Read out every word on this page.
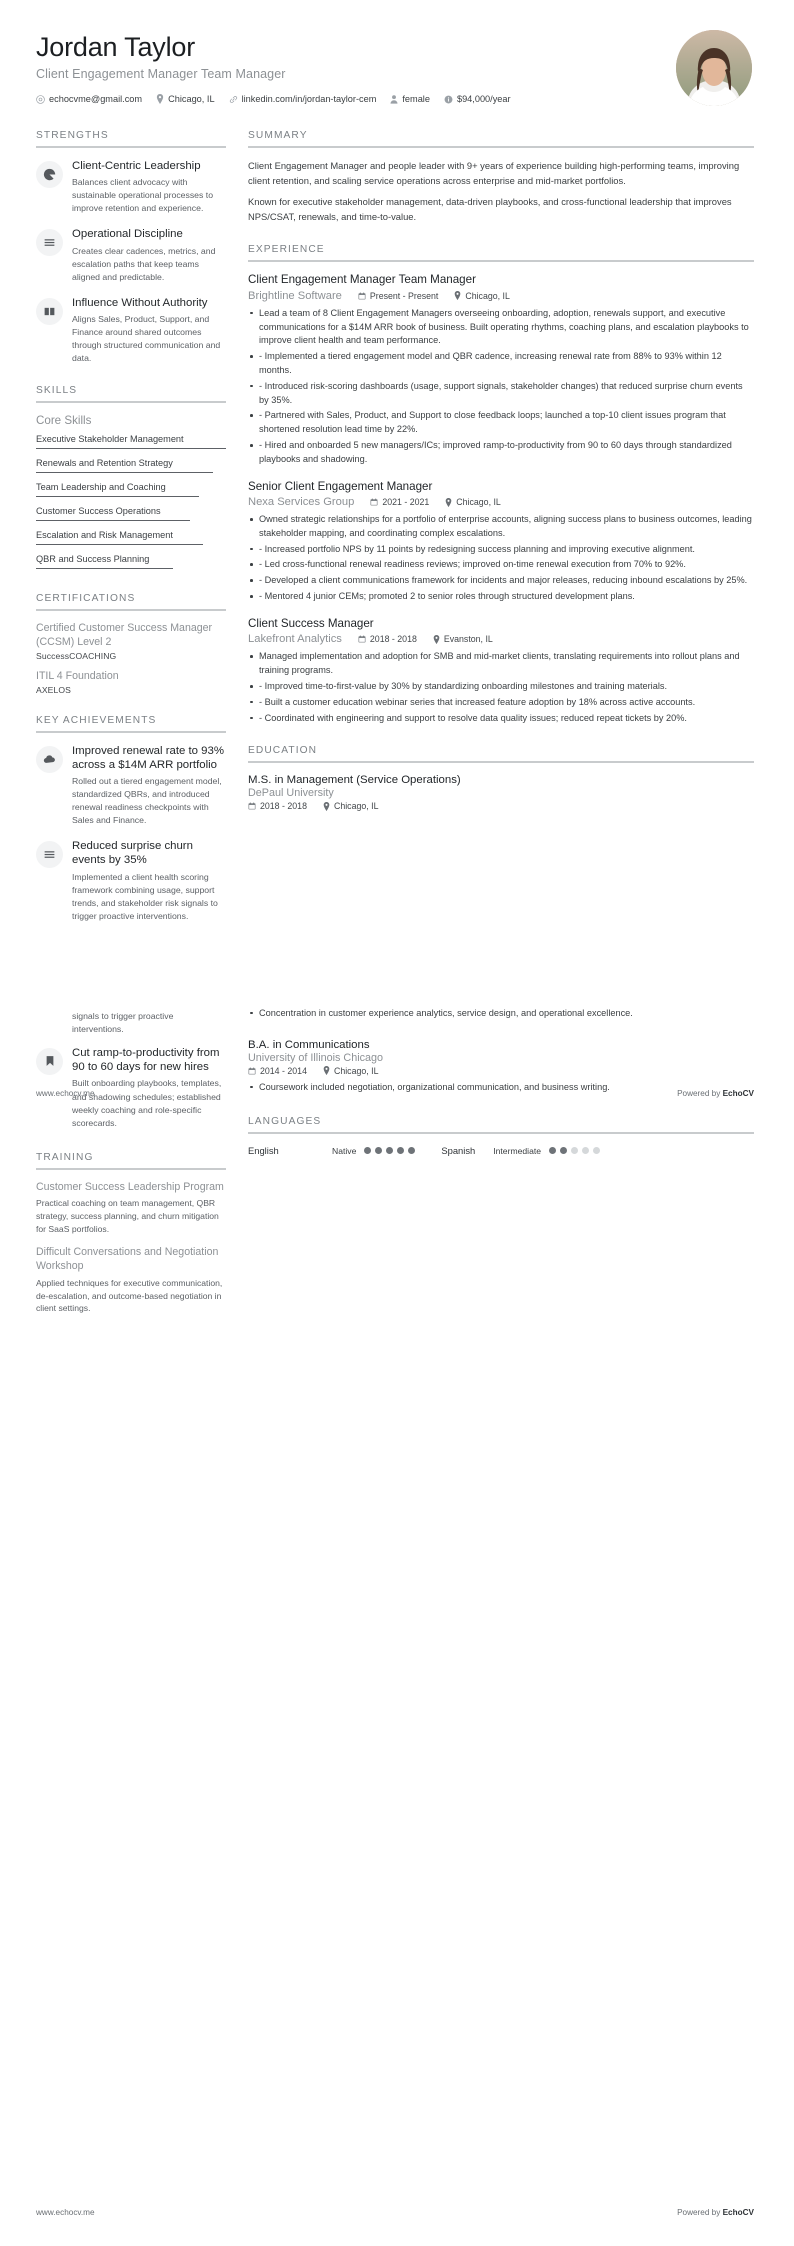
Jordan Taylor
Client Engagement Manager Team Manager
echocvme@gmail.com	Chicago, IL	linkedin.com/in/jordan-taylor-cem	female	$94,000/year
STRENGTHS
Client-Centric Leadership
Balances client advocacy with sustainable operational processes to improve retention and experience.
Operational Discipline
Creates clear cadences, metrics, and escalation paths that keep teams aligned and predictable.
Influence Without Authority
Aligns Sales, Product, Support, and Finance around shared outcomes through structured communication and data.
SKILLS
Core Skills
Executive Stakeholder Management
Renewals and Retention Strategy
Team Leadership and Coaching
Customer Success Operations
Escalation and Risk Management
QBR and Success Planning
CERTIFICATIONS
Certified Customer Success Manager (CCSM) Level 2
SuccessCOACHING
ITIL 4 Foundation
AXELOS
KEY ACHIEVEMENTS
Improved renewal rate to 93% across a $14M ARR portfolio
Rolled out a tiered engagement model, standardized QBRs, and introduced renewal readiness checkpoints with Sales and Finance.
Reduced surprise churn events by 35%
Implemented a client health scoring framework combining usage, support trends, and stakeholder risk signals to trigger proactive interventions.
SUMMARY

Client Engagement Manager and people leader with 9+ years of experience building high-performing teams, improving client retention, and scaling service operations across enterprise and mid-market portfolios.

Known for executive stakeholder management, data-driven playbooks, and cross-functional leadership that improves NPS/CSAT, renewals, and time-to-value.

EXPERIENCE
Client Engagement Manager Team Manager
Brightline Software	Present - Present	Chicago, IL
Lead a team of 8 Client Engagement Managers overseeing onboarding, adoption, renewals support, and executive communications for a $14M ARR book of business. Built operating rhythms, coaching plans, and escalation playbooks to improve client health and team performance.
- Implemented a tiered engagement model and QBR cadence, increasing renewal rate from 88% to 93% within 12 months.
- Introduced risk-scoring dashboards (usage, support signals, stakeholder changes) that reduced surprise churn events by 35%.
- Partnered with Sales, Product, and Support to close feedback loops; launched a top-10 client issues program that shortened resolution lead time by 22%.
- Hired and onboarded 5 new managers/ICs; improved ramp-to-productivity from 90 to 60 days through standardized playbooks and shadowing.
Senior Client Engagement Manager
Nexa Services Group	2021 - 2021	Chicago, IL
Owned strategic relationships for a portfolio of enterprise accounts, aligning success plans to business outcomes, leading stakeholder mapping, and coordinating complex escalations.
- Increased portfolio NPS by 11 points by redesigning success planning and improving executive alignment.
- Led cross-functional renewal readiness reviews; improved on-time renewal execution from 70% to 92%.
- Developed a client communications framework for incidents and major releases, reducing inbound escalations by 25%.
- Mentored 4 junior CEMs; promoted 2 to senior roles through structured development plans.
Client Success Manager
Lakefront Analytics	2018 - 2018	Evanston, IL
Managed implementation and adoption for SMB and mid-market clients, translating requirements into rollout plans and training programs.
- Improved time-to-first-value by 30% by standardizing onboarding milestones and training materials.
- Built a customer education webinar series that increased feature adoption by 18% across active accounts.
- Coordinated with engineering and support to resolve data quality issues; reduced repeat tickets by 20%.
EDUCATION
M.S. in Management (Service Operations)
DePaul University
2018 - 2018	Chicago, IL
www.echocv.me	Powered by EchoCV
signals to trigger proactive interventions.
Cut ramp-to-productivity from 90 to 60 days for new hires
Built onboarding playbooks, templates, and shadowing schedules; established weekly coaching and role-specific scorecards.
TRAINING
Customer Success Leadership Program
Practical coaching on team management, QBR strategy, success planning, and churn mitigation for SaaS portfolios.
Difficult Conversations and Negotiation Workshop
Applied techniques for executive communication, de-escalation, and outcome-based negotiation in client settings.
Concentration in customer experience analytics, service design, and operational excellence.
B.A. in Communications
University of Illinois Chicago
2014 - 2014	Chicago, IL
Coursework included negotiation, organizational communication, and business writing.
LANGUAGES
English	Native	Spanish Intermediate
www.echocv.me	Powered by EchoCV
